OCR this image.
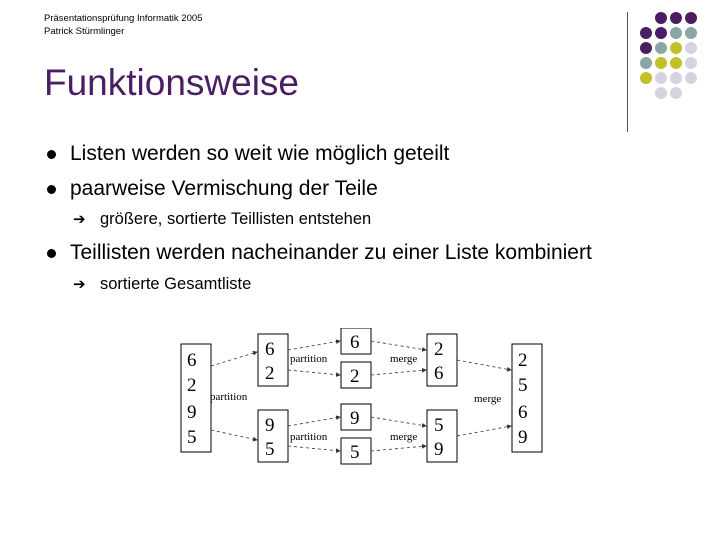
Präsentationsprüfung Informatik 2005
Patrick Stürmlinger
Funktionsweise
Listen werden so weit wie möglich geteilt
paarweise Vermischung der Teile
➔ größere, sortierte Teillisten entstehen
Teillisten werden nacheinander zu einer Liste kombiniert
➔ sortierte Gesamtliste
6
2
9
5
6
2
9
5
6
2
9
5
2
6
5
9
2
5
6
9
partition
partition
partition
merge
merge
merge
